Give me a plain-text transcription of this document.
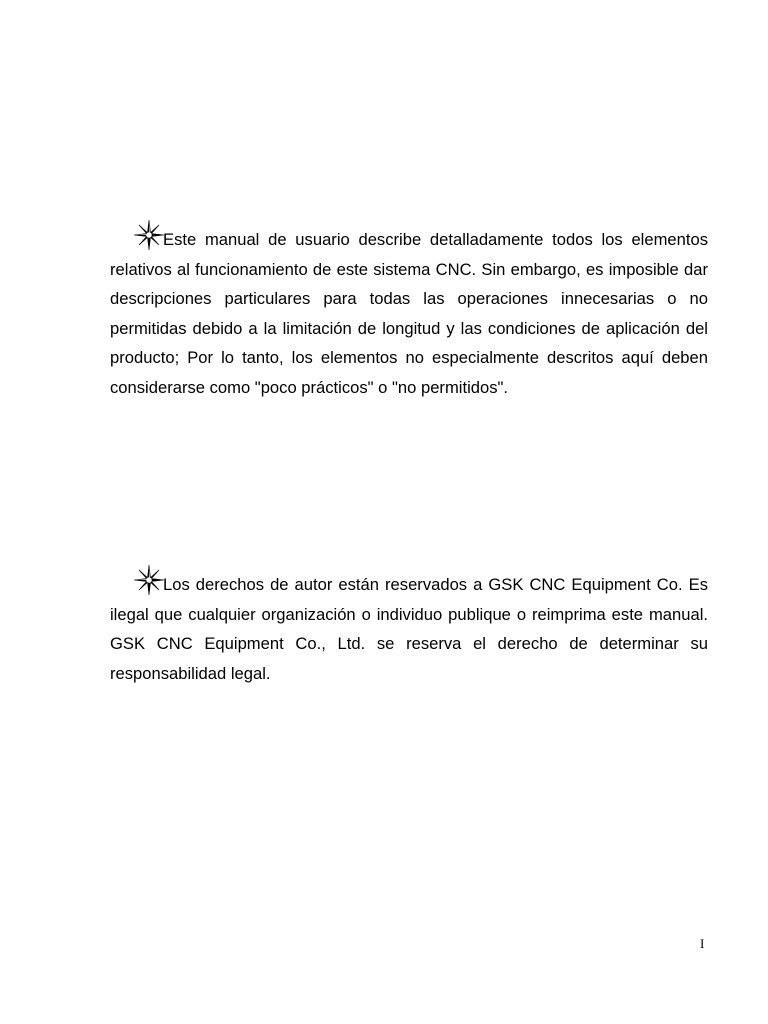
Este manual de usuario describe detalladamente todos los elementos relativos al funcionamiento de este sistema CNC. Sin embargo, es imposible dar descripciones particulares para todas las operaciones innecesarias o no permitidas debido a la limitación de longitud y las condiciones de aplicación del producto; Por lo tanto, los elementos no especialmente descritos aquí deben considerarse como "poco prácticos" o "no permitidos".

Los derechos de autor están reservados a GSK CNC Equipment Co. Es ilegal que cualquier organización o individuo publique o reimprima este manual. GSK CNC Equipment Co., Ltd. se reserva el derecho de determinar su responsabilidad legal.

I
